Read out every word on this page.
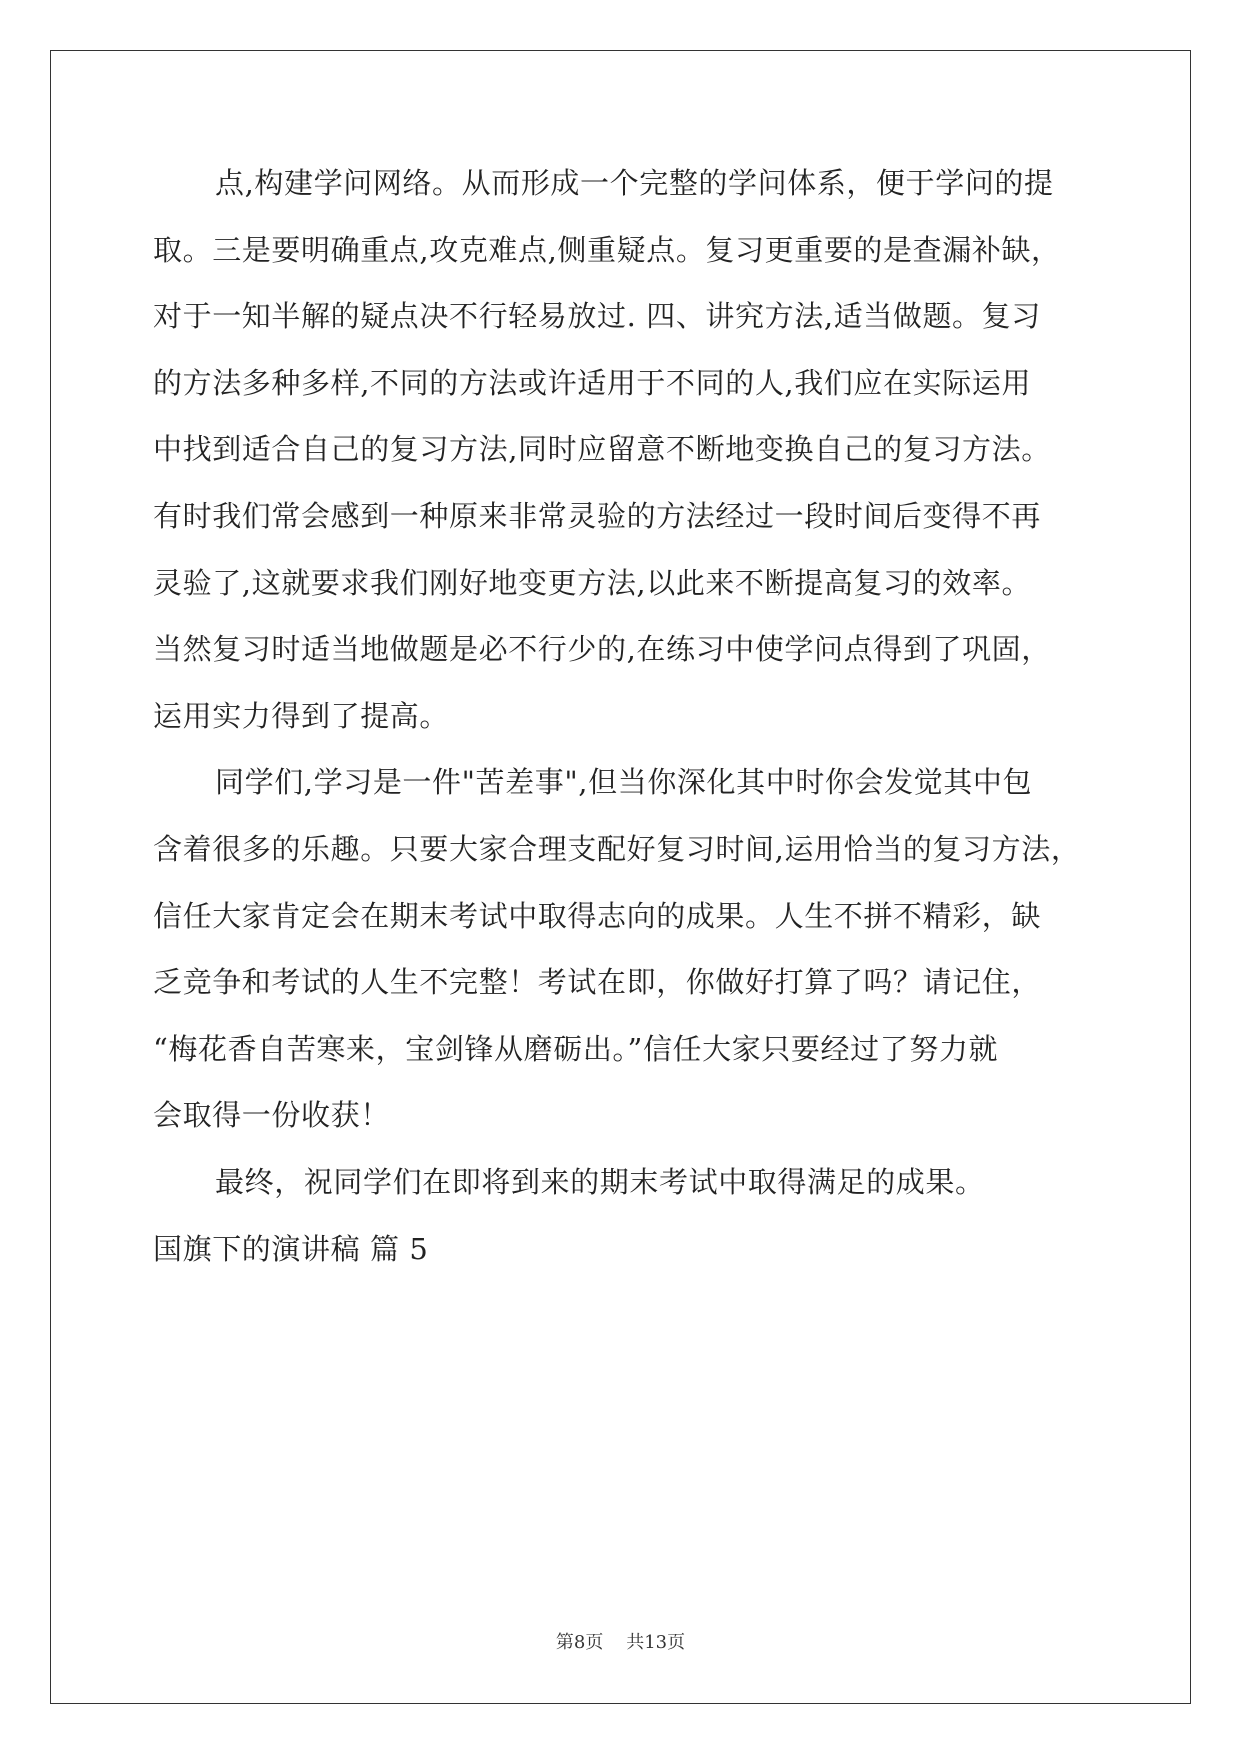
点,构建学问网络。从而形成一个完整的学问体系，便于学问的提
取。三是要明确重点,攻克难点,侧重疑点。复习更重要的是查漏补缺，
对于一知半解的疑点决不行轻易放过. 四、讲究方法,适当做题。复习
的方法多种多样,不同的方法或许适用于不同的人,我们应在实际运用
中找到适合自己的复习方法,同时应留意不断地变换自己的复习方法。
有时我们常会感到一种原来非常灵验的方法经过一段时间后变得不再
灵验了,这就要求我们刚好地变更方法,以此来不断提高复习的效率。
当然复习时适当地做题是必不行少的,在练习中使学问点得到了巩固，
运用实力得到了提高。
同学们,学习是一件"苦差事",但当你深化其中时你会发觉其中包
含着很多的乐趣。只要大家合理支配好复习时间,运用恰当的复习方法，
信任大家肯定会在期末考试中取得志向的成果。人生不拼不精彩，缺
乏竞争和考试的人生不完整！考试在即，你做好打算了吗？请记住，
“梅花香自苦寒来，宝剑锋从磨砺出。”信任大家只要经过了努力就
会取得一份收获！
最终，祝同学们在即将到来的期末考试中取得满足的成果。
国旗下的演讲稿 篇 5
第8页    共13页
